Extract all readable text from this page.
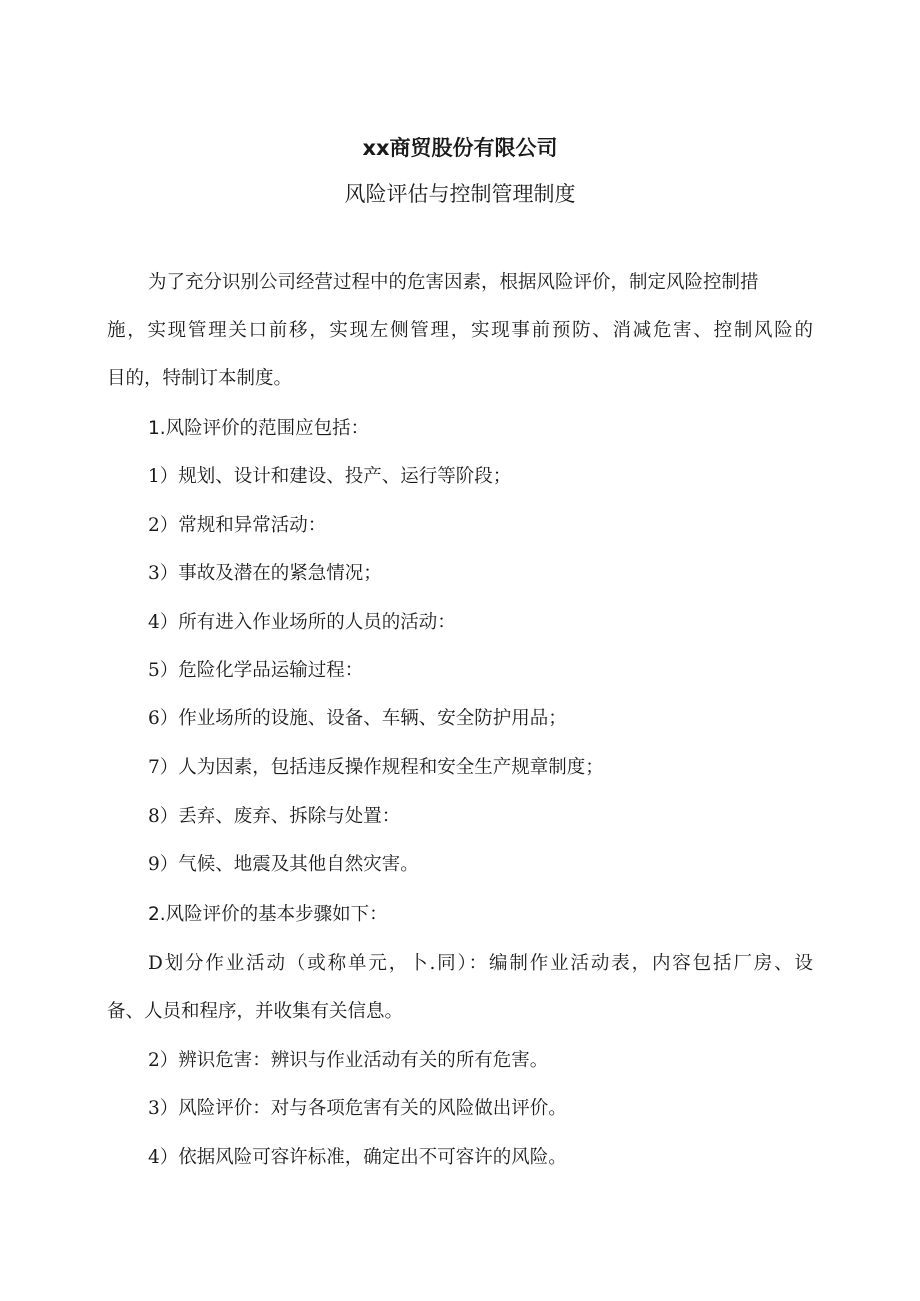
xx商贸股份有限公司
风险评估与控制管理制度
为了充分识别公司经营过程中的危害因素，根据风险评价，制定风险控制措
施，实现管理关口前移，实现左侧管理，实现事前预防、消减危害、控制风险的
目的，特制订本制度。
1.风险评价的范围应包括：
1）规划、设计和建设、投产、运行等阶段；
2）常规和异常活动：
3）事故及潜在的紧急情况；
4）所有进入作业场所的人员的活动：
5）危险化学品运输过程：
6）作业场所的设施、设备、车辆、安全防护用品；
7）人为因素，包括违反操作规程和安全生产规章制度；
8）丢弃、废弃、拆除与处置：
9）气候、地震及其他自然灾害。
2.风险评价的基本步骤如下：
D划分作业活动（或称单元，卜.同）：编制作业活动表，内容包括厂房、设
备、人员和程序，并收集有关信息。
2）辨识危害：辨识与作业活动有关的所有危害。
3）风险评价：对与各项危害有关的风险做出评价。
4）依据风险可容许标准，确定出不可容许的风险。
